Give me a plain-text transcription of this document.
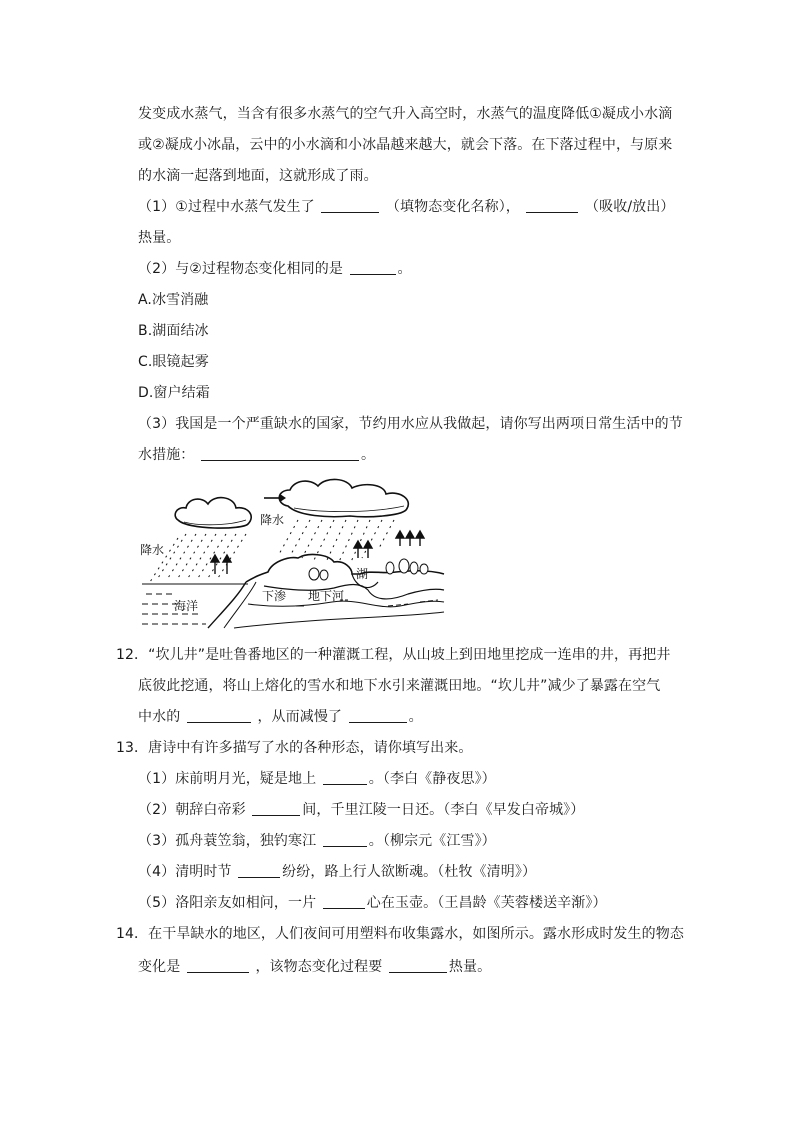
发变成水蒸气，当含有很多水蒸气的空气升入高空时，水蒸气的温度降低①凝成小水滴
或②凝成小冰晶，云中的小水滴和小冰晶越来越大，就会下落。在下落过程中，与原来
的水滴一起落到地面，这就形成了雨。
（1）①过程中水蒸气发生了	（填物态变化名称），	（吸收/放出）
热量。
（2）与②过程物态变化相同的是	。
A.冰雪消融
B.湖面结冰
C.眼镜起雾
D.窗户结霜
（3）我国是一个严重缺水的国家，节约用水应从我做起，请你写出两项日常生活中的节
水措施：	。
降水
降水
海洋
下渗 地下河
湖
12．“坎儿井”是吐鲁番地区的一种灌溉工程，从山坡上到田地里挖成一连串的井，再把井
底彼此挖通，将山上熔化的雪水和地下水引来灌溉田地。“坎儿井”减少了暴露在空气
中水的	，从而减慢了	。
13．唐诗中有许多描写了水的各种形态，请你填写出来。
（1）床前明月光，疑是地上	。（李白《静夜思》）
（2）朝辞白帝彩	间，千里江陵一日还。（李白《早发白帝城》）
（3）孤舟蓑笠翁，独钓寒江	。（柳宗元《江雪》）
（4）清明时节	纷纷，路上行人欲断魂。（杜牧《清明》）
（5）洛阳亲友如相问，一片	心在玉壶。（王昌龄《芙蓉楼送辛渐》）
14．在干旱缺水的地区，人们夜间可用塑料布收集露水，如图所示。露水形成时发生的物态
变化是	，该物态变化过程要	热量。
